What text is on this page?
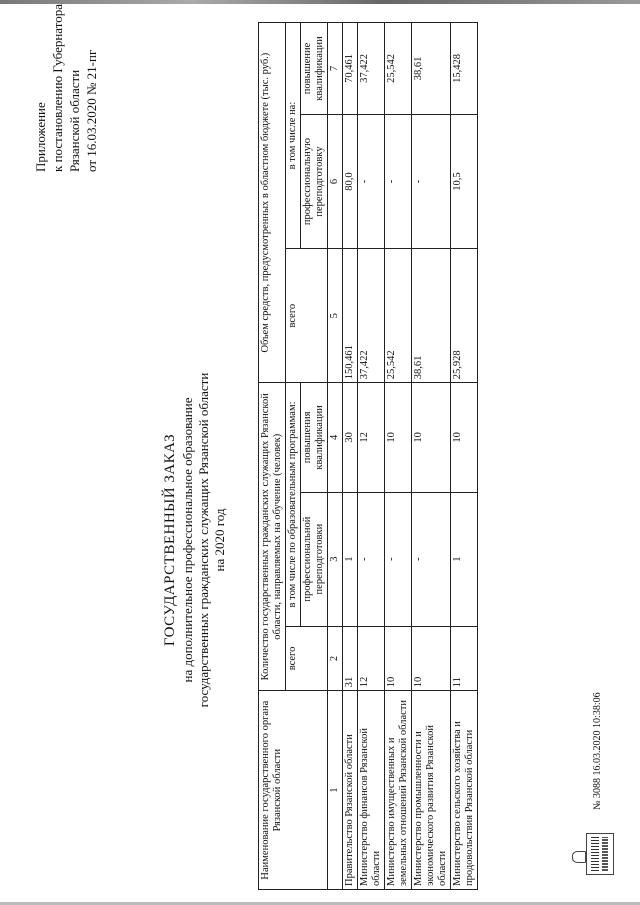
Приложение к постановлению Губернатора Рязанской области от 16.03.2020 № 21-пг
ГОСУДАРСТВЕННЫЙ ЗАКАЗ на дополнительное профессиональное образование государственных гражданских служащих Рязанской области на 2020 год
Наименование государственного органа Рязанской области	Количество государственных гражданских служащих Рязанской области, направляемых на обучение (человек)			Объем средств, предусмотренных в областном бюджете (тыс. руб.)		
	всего	в том числе по образовательным программам:		всего	в том числе на:	
		профессиональной переподготовки	повышения квалификации		профессиональную переподготовку	повышение квалификации

1	2	3	4	5	6	7
Правительство Рязанской области	31	1	30	150,461	80,0	70,461
Министерство финансов Рязанской области	12	-	12	37,422	-	37,422
Министерство имущественных и земельных отношений Рязанской области	10	-	10	25,542	-	25,542
Министерство промышленности и экономического развития Рязанской области	10	-	10	38,61	-	38,61
Министерство сельского хозяйства и продовольствия Рязанской области	11	1	10	25,928	10,5	15,428
№ 3088 16.03.2020 10:38:06
